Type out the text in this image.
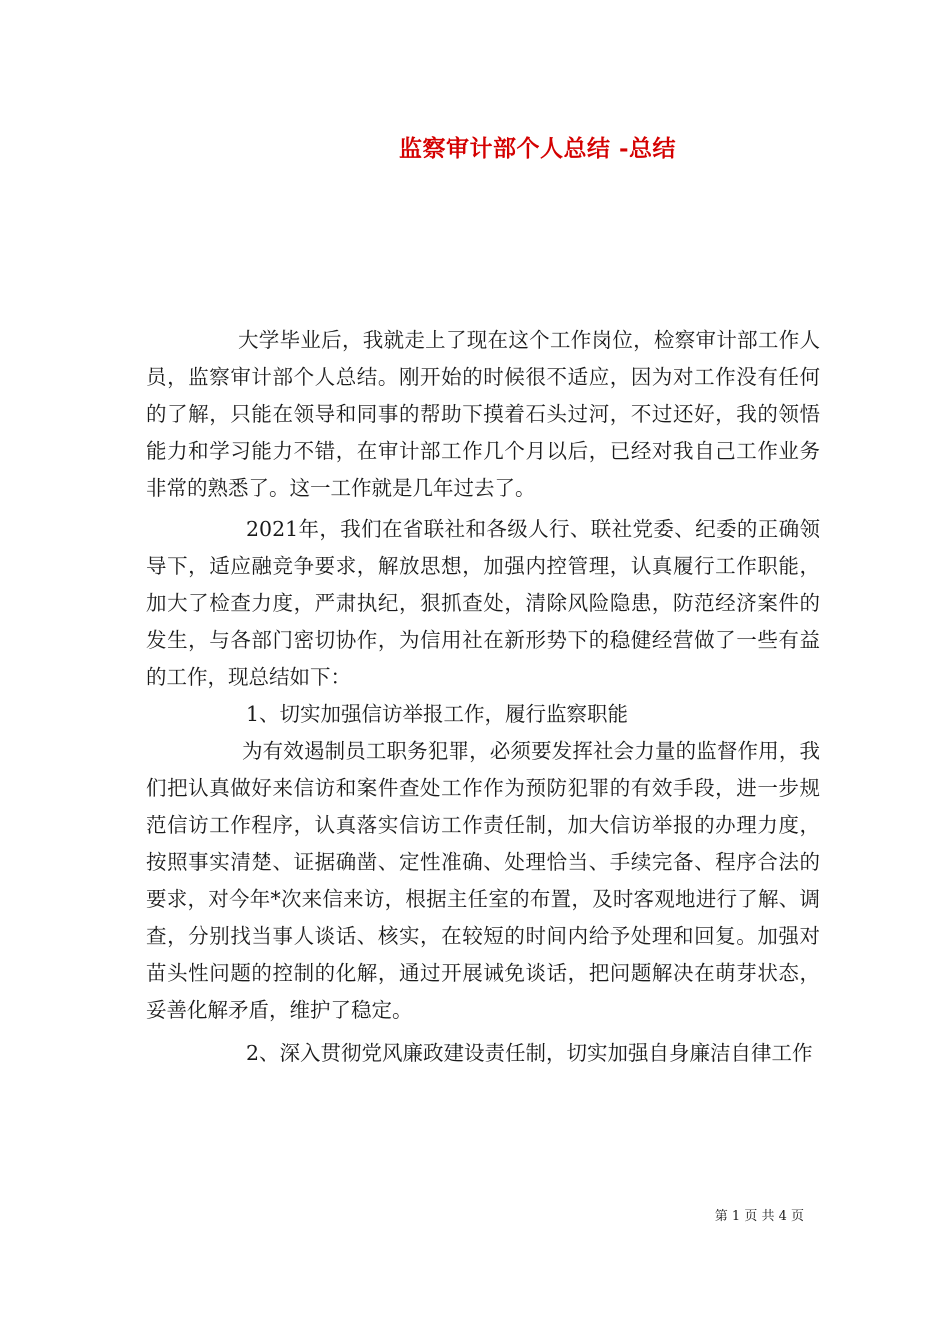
监察审计部个人总结 -总结

大学毕业后，我就走上了现在这个工作岗位，检察审计部工作人员，监察审计部个人总结。刚开始的时候很不适应，因为对工作没有任何的了解，只能在领导和同事的帮助下摸着石头过河，不过还好，我的领悟能力和学习能力不错，在审计部工作几个月以后，已经对我自己工作业务非常的熟悉了。这一工作就是几年过去了。

2021年，我们在省联社和各级人行、联社党委、纪委的正确领导下，适应融竞争要求，解放思想，加强内控管理，认真履行工作职能，加大了检查力度，严肃执纪，狠抓查处，清除风险隐患，防范经济案件的发生，与各部门密切协作，为信用社在新形势下的稳健经营做了一些有益的工作，现总结如下：

1、切实加强信访举报工作，履行监察职能

为有效遏制员工职务犯罪，必须要发挥社会力量的监督作用，我们把认真做好来信访和案件查处工作作为预防犯罪的有效手段，进一步规范信访工作程序，认真落实信访工作责任制，加大信访举报的办理力度，按照事实清楚、证据确凿、定性准确、处理恰当、手续完备、程序合法的要求，对今年*次来信来访，根据主任室的布置，及时客观地进行了解、调查，分别找当事人谈话、核实，在较短的时间内给予处理和回复。加强对苗头性问题的控制的化解，通过开展诫免谈话，把问题解决在萌芽状态，妥善化解矛盾，维护了稳定。

2、深入贯彻党风廉政建设责任制，切实加强自身廉洁自律工作

第 1 页 共 4 页
